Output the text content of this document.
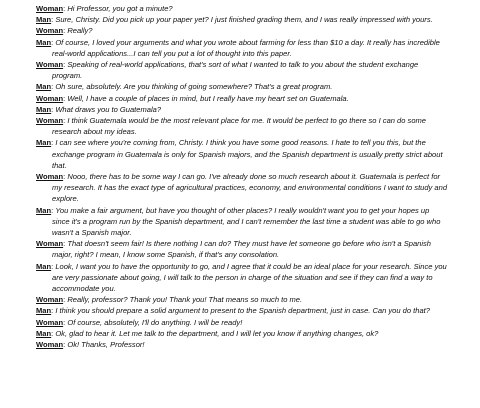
Woman: Hi Professor, you got a minute?

Man: Sure, Christy. Did you pick up your paper yet? I just finished grading them, and I was really impressed with yours.

Woman: Really?

Man: Of course, I loved your arguments and what you wrote about farming for less than $10 a day. It really has incredible real-world applications...I can tell you put a lot of thought into this paper.

Woman: Speaking of real-world applications, that's sort of what I wanted to talk to you about the student exchange program.

Man: Oh sure, absolutely. Are you thinking of going somewhere? That's a great program.

Woman: Well, I have a couple of places in mind, but I really have my heart set on Guatemala.

Man: What draws you to Guatemala?

Woman: I think Guatemala would be the most relevant place for me. It would be perfect to go there so I can do some research about my ideas.

Man: I can see where you're coming from, Christy. I think you have some good reasons. I hate to tell you this, but the exchange program in Guatemala is only for Spanish majors, and the Spanish department is usually pretty strict about that.

Woman: Nooo, there has to be some way I can go. I've already done so much research about it. Guatemala is perfect for my research. It has the exact type of agricultural practices, economy, and environmental conditions I want to study and explore.

Man: You make a fair argument, but have you thought of other places? I really wouldn't want you to get your hopes up since it's a program run by the Spanish department, and I can't remember the last time a student was able to go who wasn't a Spanish major.

Woman: That doesn't seem fair! Is there nothing I can do? They must have let someone go before who isn't a Spanish major, right? I mean, I know some Spanish, if that's any consolation.

Man: Look, I want you to have the opportunity to go, and I agree that it could be an ideal place for your research. Since you are very passionate about going, I will talk to the person in charge of the situation and see if they can find a way to accommodate you.

Woman: Really, professor? Thank you! Thank you! That means so much to me.

Man: I think you should prepare a solid argument to present to the Spanish department, just in case. Can you do that?

Woman: Of course, absolutely, I'll do anything. I will be ready!

Man: Ok, glad to hear it. Let me talk to the department, and I will let you know if anything changes, ok?

Woman: Ok! Thanks, Professor!
